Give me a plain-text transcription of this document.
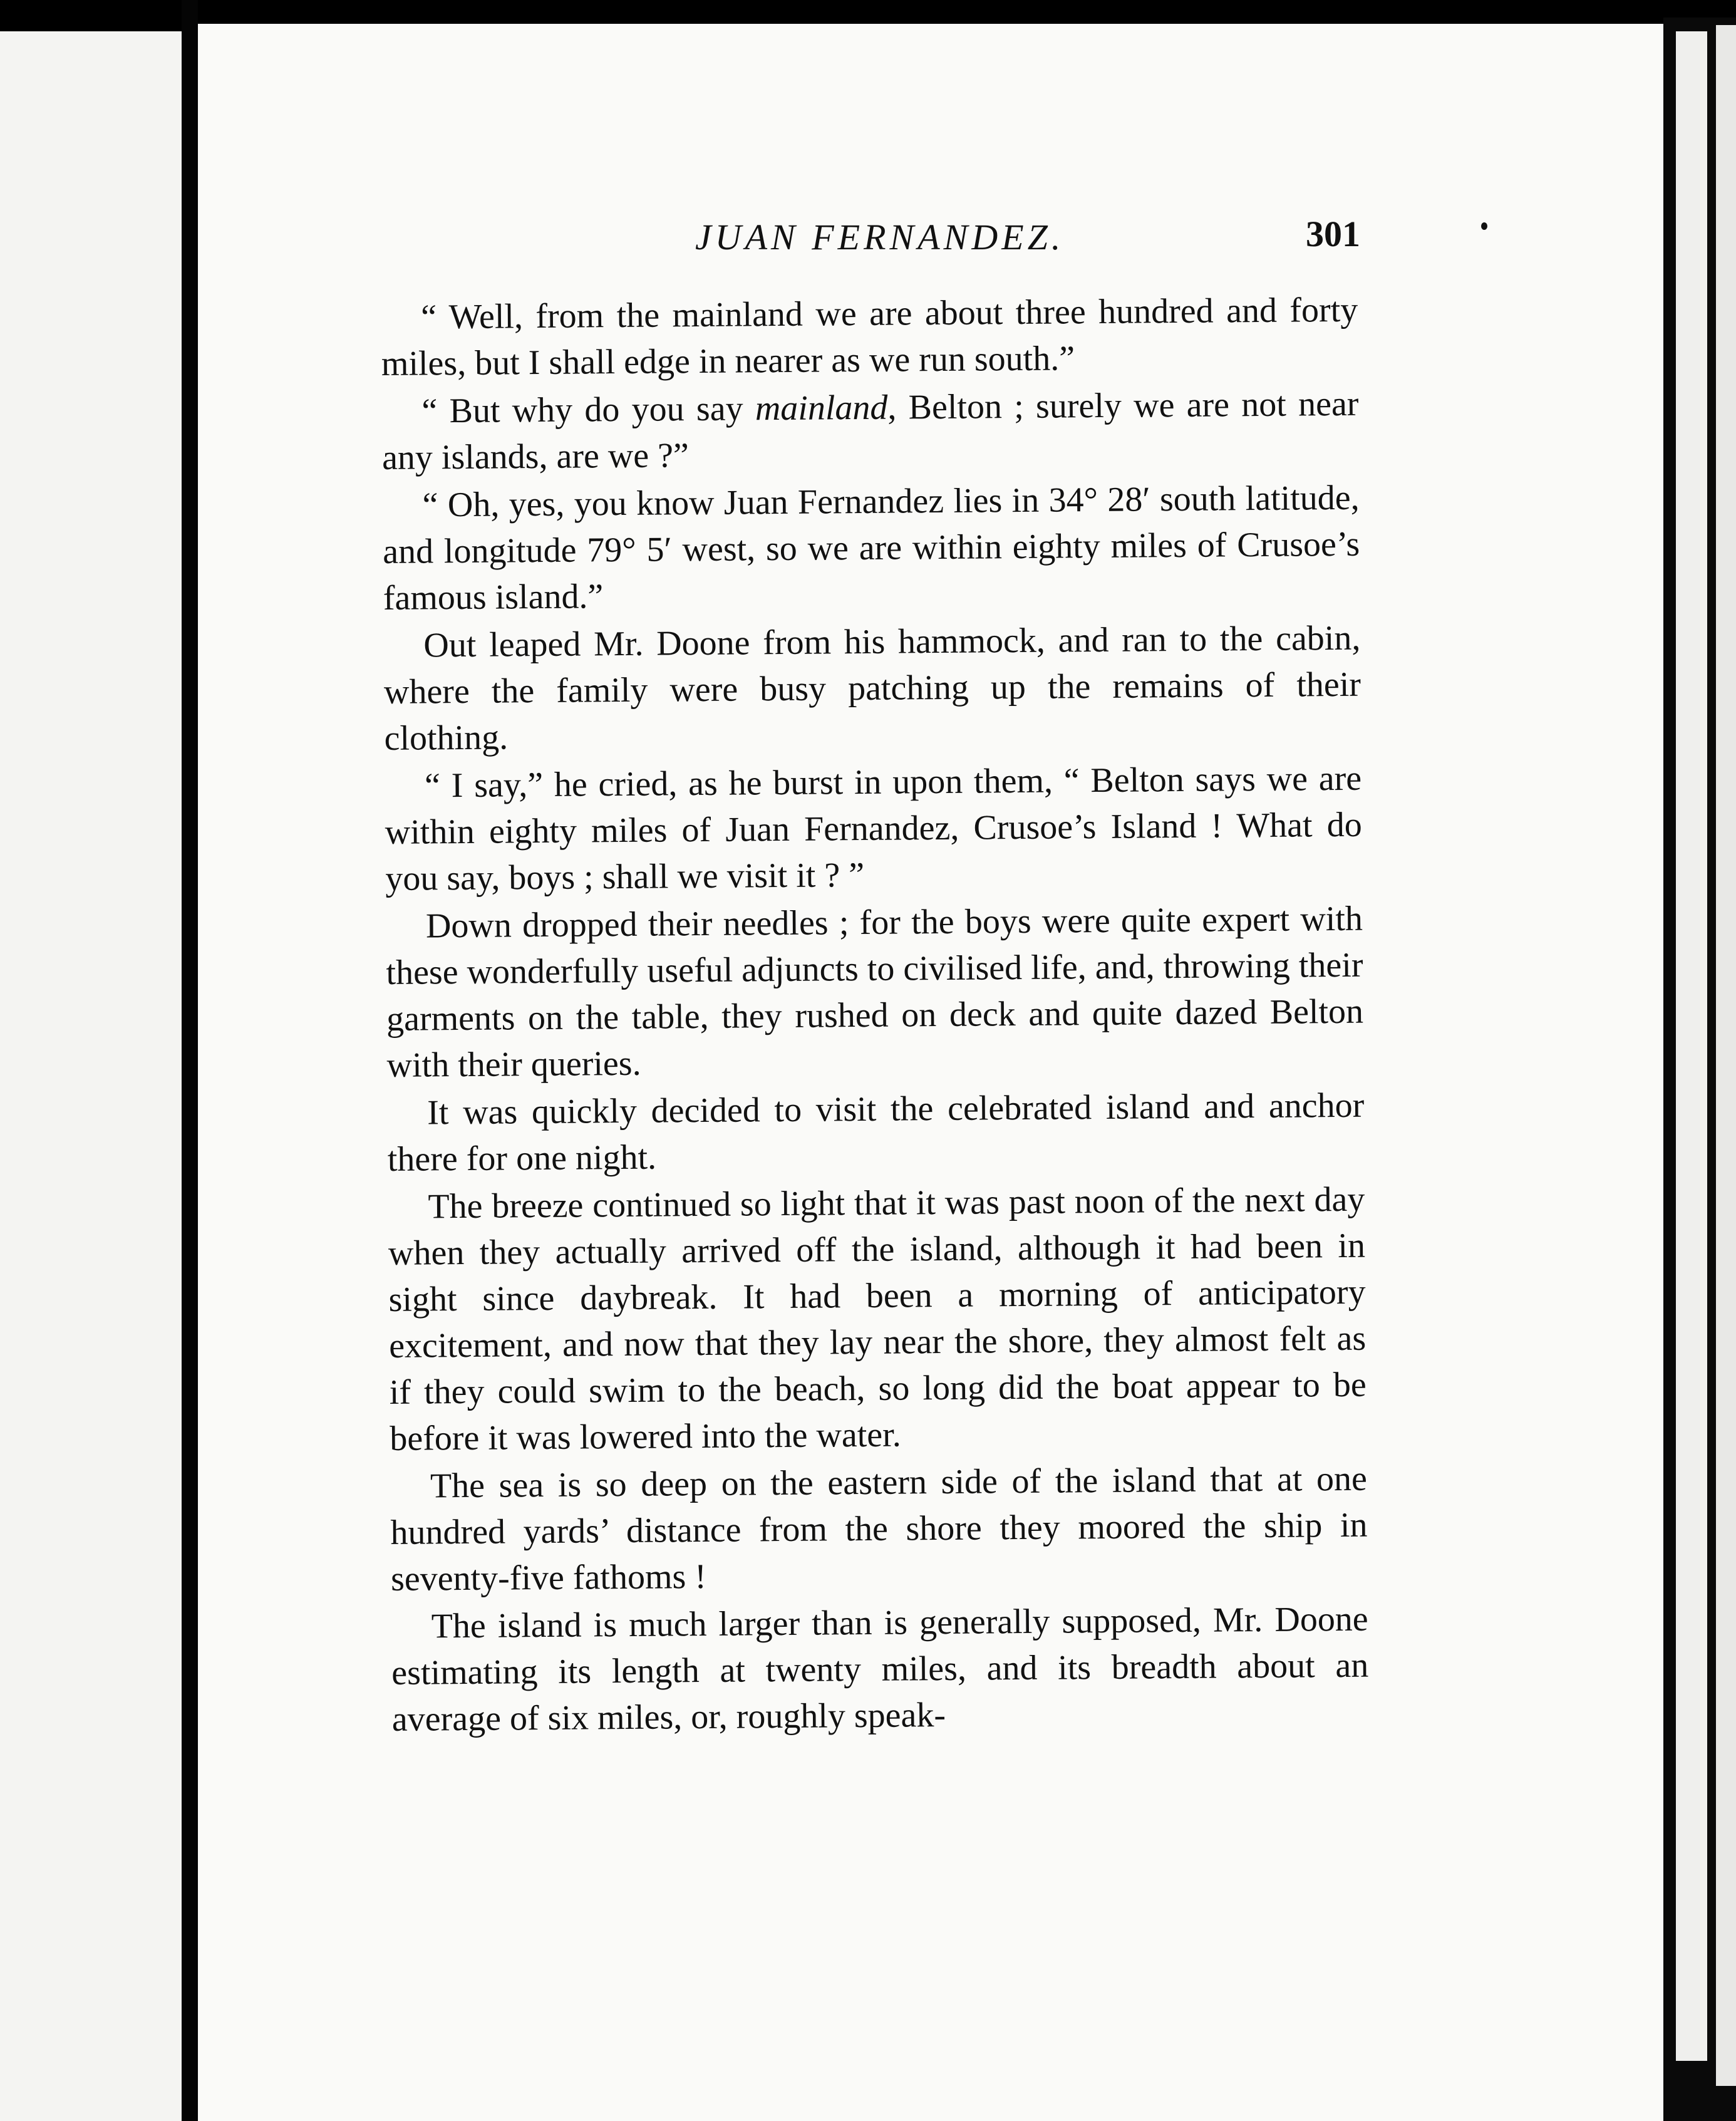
JUAN FERNANDEZ.	301

“ Well, from the mainland we are about three hundred and forty miles, but I shall edge in nearer as we run south.”

“ But why do you say mainland, Belton ; surely we are not near any islands, are we ?”

“ Oh, yes, you know Juan Fernandez lies in 34° 28′ south latitude, and longitude 79° 5′ west, so we are within eighty miles of Crusoe’s famous island.”

Out leaped Mr. Doone from his hammock, and ran to the cabin, where the family were busy patching up the remains of their clothing.

“ I say,” he cried, as he burst in upon them, “ Belton says we are within eighty miles of Juan Fernandez, Crusoe’s Island ! What do you say, boys ; shall we visit it ? ”

Down dropped their needles ; for the boys were quite expert with these wonderfully useful adjuncts to civilised life, and, throwing their garments on the table, they rushed on deck and quite dazed Belton with their queries.

It was quickly decided to visit the celebrated island and anchor there for one night.

The breeze continued so light that it was past noon of the next day when they actually arrived off the island, although it had been in sight since daybreak. It had been a morning of anticipatory excitement, and now that they lay near the shore, they almost felt as if they could swim to the beach, so long did the boat appear to be before it was lowered into the water.

The sea is so deep on the eastern side of the island that at one hundred yards’ distance from the shore they moored the ship in seventy-five fathoms !

The island is much larger than is generally supposed, Mr. Doone estimating its length at twenty miles, and its breadth about an average of six miles, or, roughly speak-
